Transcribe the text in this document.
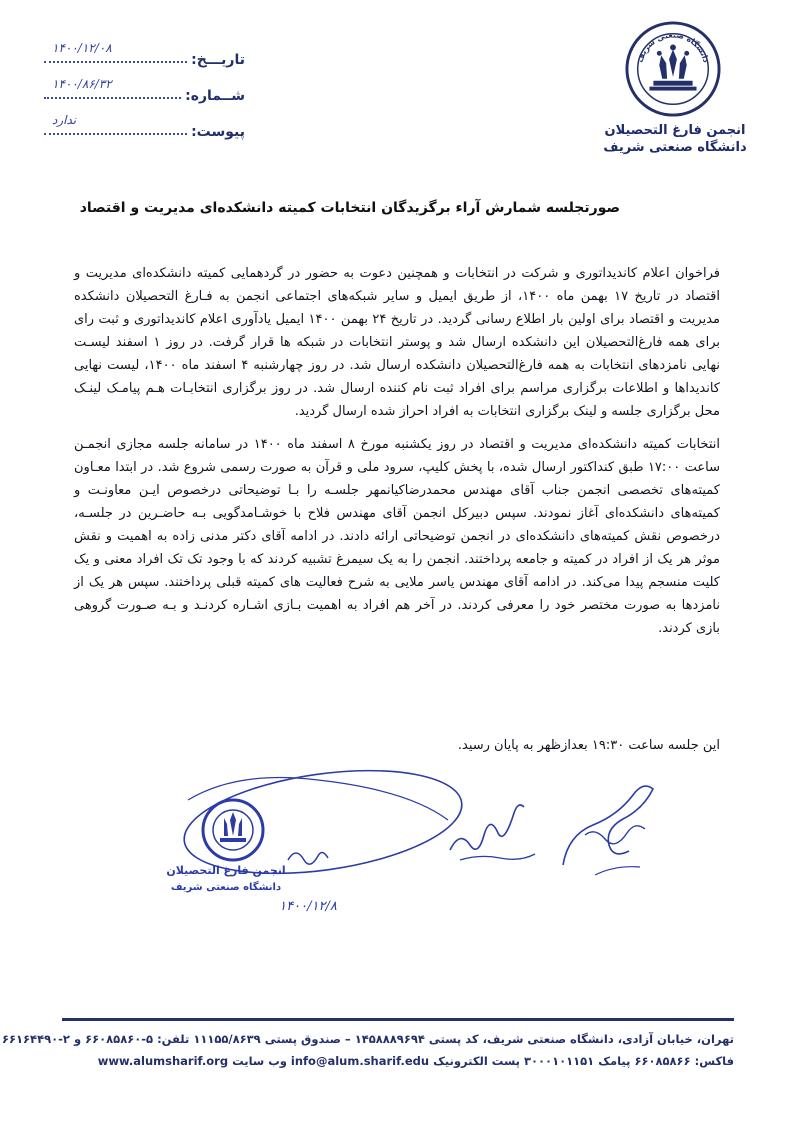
دانشگاه صنعتی شریف
انجمن فارغ التحصیلان
دانشگاه صنعتی شریف
تاریـــخ:
۱۴۰۰/۱۲/۰۸
شــماره:
۱۴۰۰/۸۶/۳۲
پیوست:
ندارد
صورتجلسه شمارش آراء برگزیدگان انتخابات کمیته دانشکده‌ای مدیریت و اقتصاد

فراخوان اعلام کاندیداتوری و شرکت در انتخابات و همچنین دعوت به حضور در گردهمایی کمیته دانشکده‌ای مدیریت و اقتصاد در تاریخ ۱۷ بهمن ماه ۱۴۰۰، از طریق ایمیل و سایر شبکه‌های اجتماعی انجمن به فـارغ التحصیلان دانشکده مدیریت و اقتصاد برای اولین بار اطلاع رسانی گردید. در تاریخ ۲۴ بهمن ۱۴۰۰ ایمیل یادآوری اعلام کاندیداتوری و ثبت رای برای همه فارغ‌التحصیلان این دانشکده ارسال شد و پوستر انتخابات در شبکه ها قرار گرفت. در روز ۱ اسفند لیسـت نهایی نامزدهای انتخابات به همه فارغ‌التحصیلان دانشکده ارسال شد. در روز چهارشنبه ۴ اسفند ماه ۱۴۰۰، لیست نهایی کاندیداها و اطلاعات برگزاری مراسم برای افراد ثبت نام کننده ارسال شد. در روز برگزاری انتخابـات هـم پیامـک لینـک محل برگزاری جلسه و لینک برگزاری انتخابات به افراد احراز شده ارسال گردید.

انتخابات کمیته دانشکده‌ای مدیریت و اقتصاد در روز یکشنبه مورخ ۸ اسفند ماه ۱۴۰۰ در سامانه جلسه مجازی انجمـن ساعت ۱۷:۰۰ طبق کنداکتور ارسال شده، با پخش کلیپ، سرود ملی و قرآن به صورت رسمی شروع شد. در ابتدا معـاون کمیته‌های تخصصی انجمن جناب آقای مهندس محمدرضاکیانمهر جلسـه را بـا توضیحاتی درخصوص ایـن معاونـت و کمیته‌های دانشکده‌ای آغاز نمودند. سپس دبیرکل انجمن آقای مهندس فلاح با خوشـامدگویی بـه حاضـرین در جلسـه، درخصوص نقش کمیته‌های دانشکده‌ای در انجمن توضیحاتی ارائه دادند. در ادامه آقای دکتر مدنی زاده به اهمیت و نقش موثر هر یک از افراد در کمیته و جامعه پرداختند. انجمن را به یک سیمرغ تشبیه کردند که با وجود تک تک افراد معنی و یک کلیت منسجم پیدا می‌کند. در ادامه آقای مهندس یاسر ملایی به شرح فعالیت های کمیته قبلی پرداختند. سپس هر یک از نامزدها به صورت مختصر خود را معرفی کردند. در آخر هم افراد به اهمیت بـازی اشـاره کردنـد و بـه صـورت گروهی بازی کردند.

این جلسه ساعت ۱۹:۳۰ بعدازظهر به پایان رسید.
انجمن فارغ التحصیلان
دانشگاه صنعتی شریف
۱۴۰۰/۱۲/۸
تهران، خیابان آزادی، دانشگاه صنعتی شریف، کد پستی ۱۴۵۸۸۸۹۶۹۴ – صندوق پستی ۱۱۱۵۵/۸۶۳۹ تلفن: ۵-۶۶۰۸۵۸۶۰ و ۲-۶۶۱۶۴۴۹۰
فاکس: ۶۶۰۸۵۸۶۶ پیامک ۳۰۰۰۱۰۱۱۵۱ پست الکترونیک info@alum.sharif.edu وب سایت www.alumsharif.org
